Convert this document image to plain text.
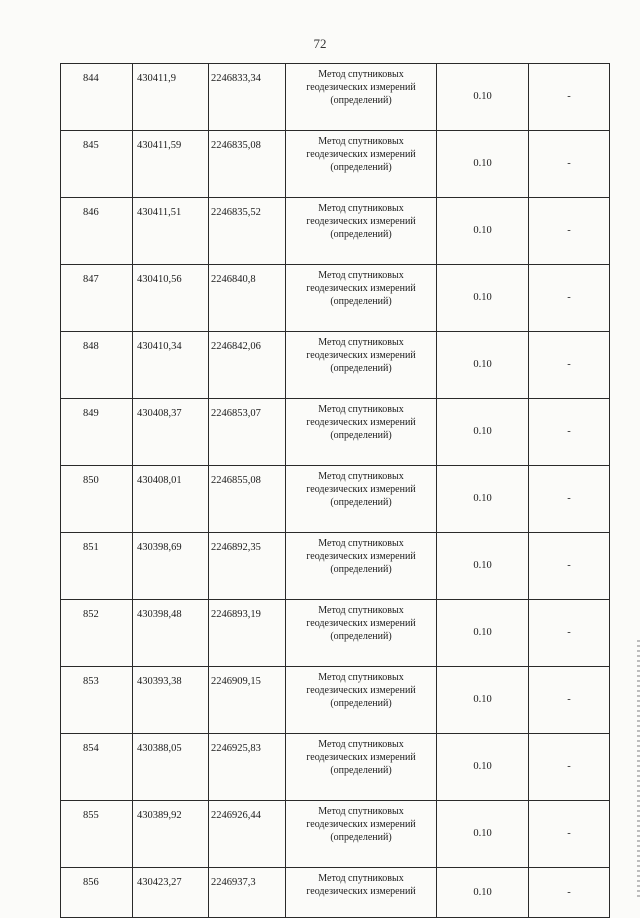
72
844	430411,9	2246833,34	Метод спутниковых
геодезических измерений
(определений)	0.10	-
845	430411,59	2246835,08	Метод спутниковых
геодезических измерений
(определений)	0.10	-
846	430411,51	2246835,52	Метод спутниковых
геодезических измерений
(определений)	0.10	-
847	430410,56	2246840,8	Метод спутниковых
геодезических измерений
(определений)	0.10	-
848	430410,34	2246842,06	Метод спутниковых
геодезических измерений
(определений)	0.10	-
849	430408,37	2246853,07	Метод спутниковых
геодезических измерений
(определений)	0.10	-
850	430408,01	2246855,08	Метод спутниковых
геодезических измерений
(определений)	0.10	-
851	430398,69	2246892,35	Метод спутниковых
геодезических измерений
(определений)	0.10	-
852	430398,48	2246893,19	Метод спутниковых
геодезических измерений
(определений)	0.10	-
853	430393,38	2246909,15	Метод спутниковых
геодезических измерений
(определений)	0.10	-
854	430388,05	2246925,83	Метод спутниковых
геодезических измерений
(определений)	0.10	-
855	430389,92	2246926,44	Метод спутниковых
геодезических измерений
(определений)	0.10	-
856	430423,27	2246937,3	Метод спутниковых
геодезических измерений	0.10	-
